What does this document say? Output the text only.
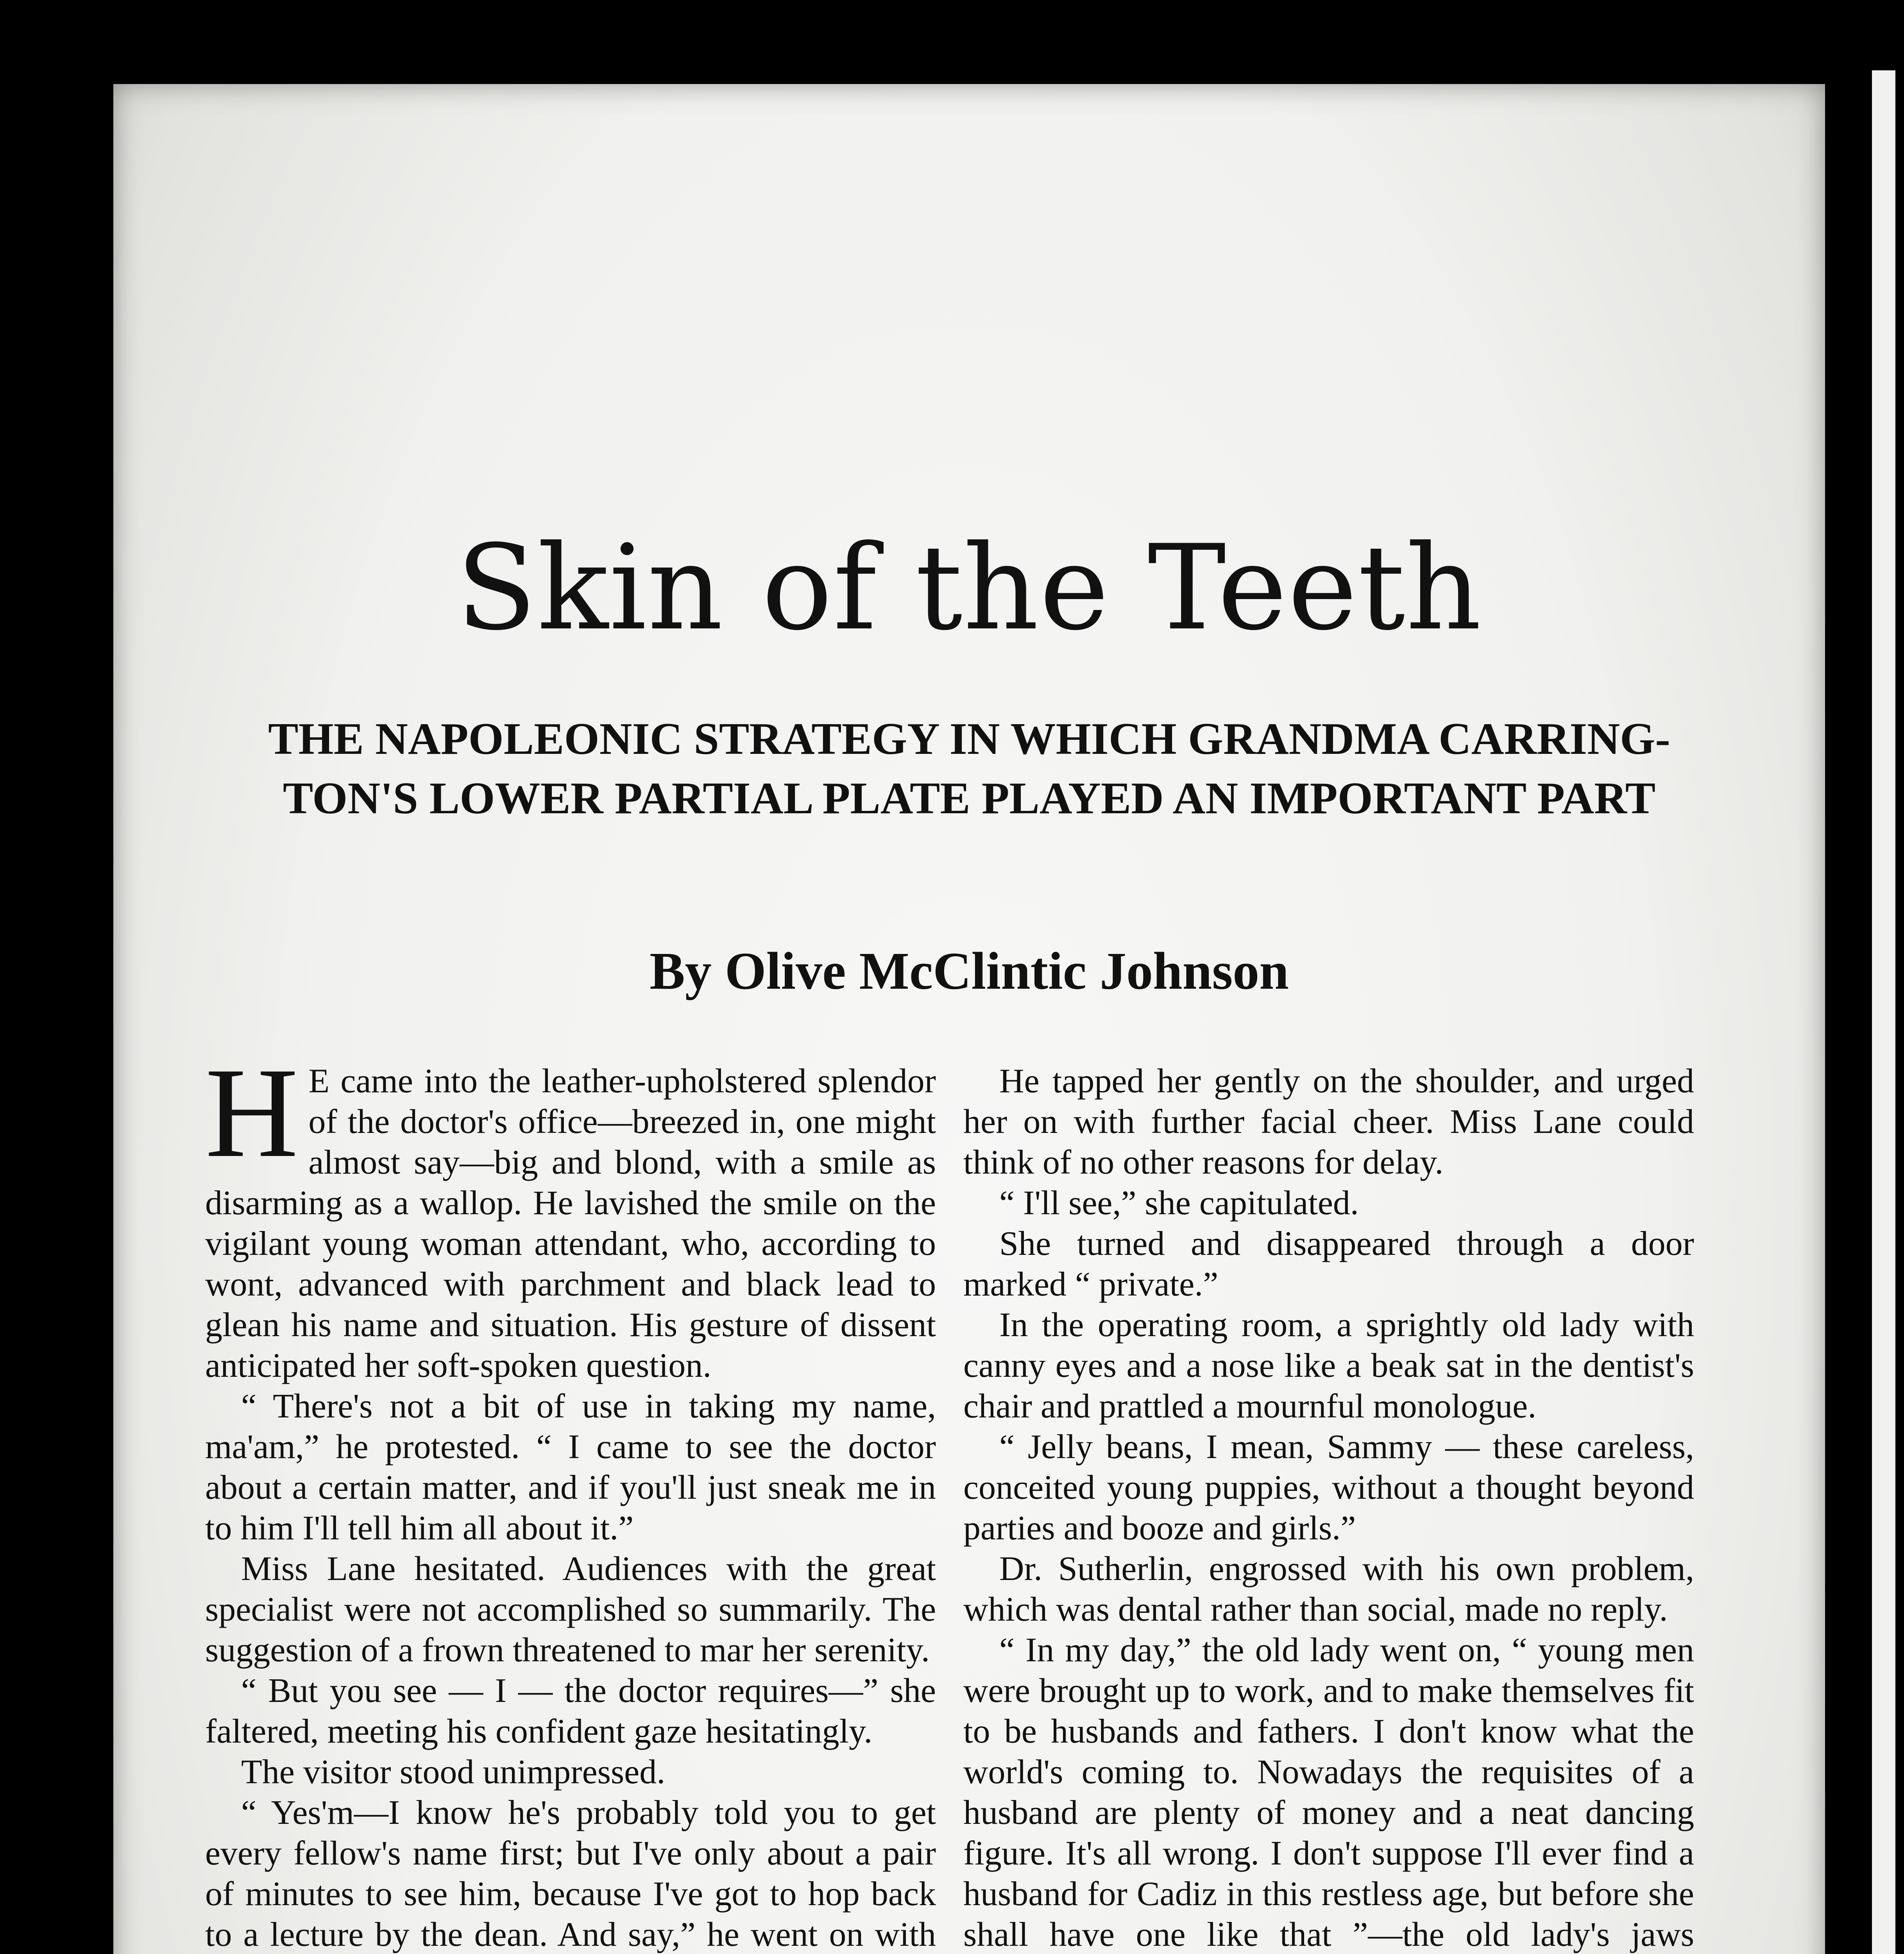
Skin of the Teeth
THE NAPOLEONIC STRATEGY IN WHICH GRANDMA CARRING-TON'S LOWER PARTIAL PLATE PLAYED AN IMPORTANT PART
By Olive McClintic Johnson

H E came into the leather-upholstered splendor of the doctor's office—breezed in, one might almost say—big and blond, with a smile as disarming as a wallop. He lavished the smile on the vigilant young woman attendant, who, according to wont, advanced with parchment and black lead to glean his name and situation. His gesture of dissent anticipated her soft-spoken question.

“ There's not a bit of use in taking my name, ma'am,” he protested. “ I came to see the doctor about a certain matter, and if you'll just sneak me in to him I'll tell him all about it.”

Miss Lane hesitated. Audiences with the great specialist were not accomplished so summarily. The suggestion of a frown threatened to mar her serenity.

“ But you see — I — the doctor requires—” she faltered, meeting his confident gaze hesitatingly.

The visitor stood unimpressed.

“ Yes'm—I know he's probably told you to get every fellow's name first; but I've only about a pair of minutes to see him, because I've got to hop back to a lecture by the dean. And say,” he went on with

He tapped her gently on the shoulder, and urged her on with further facial cheer. Miss Lane could think of no other reasons for delay.

“ I'll see,” she capitulated.

She turned and disappeared through a door marked “ private.”

In the operating room, a sprightly old lady with canny eyes and a nose like a beak sat in the dentist's chair and prattled a mournful monologue.

“ Jelly beans, I mean, Sammy — these careless, conceited young puppies, without a thought beyond parties and booze and girls.”

Dr. Sutherlin, engrossed with his own problem, which was dental rather than social, made no reply.

“ In my day,” the old lady went on, “ young men were brought up to work, and to make themselves fit to be husbands and fathers. I don't know what the world's coming to. Nowadays the requisites of a husband are plenty of money and a neat dancing figure. It's all wrong. I don't suppose I'll ever find a husband for Cadiz in this restless age, but before she shall have one like that ”—the old lady's jaws
